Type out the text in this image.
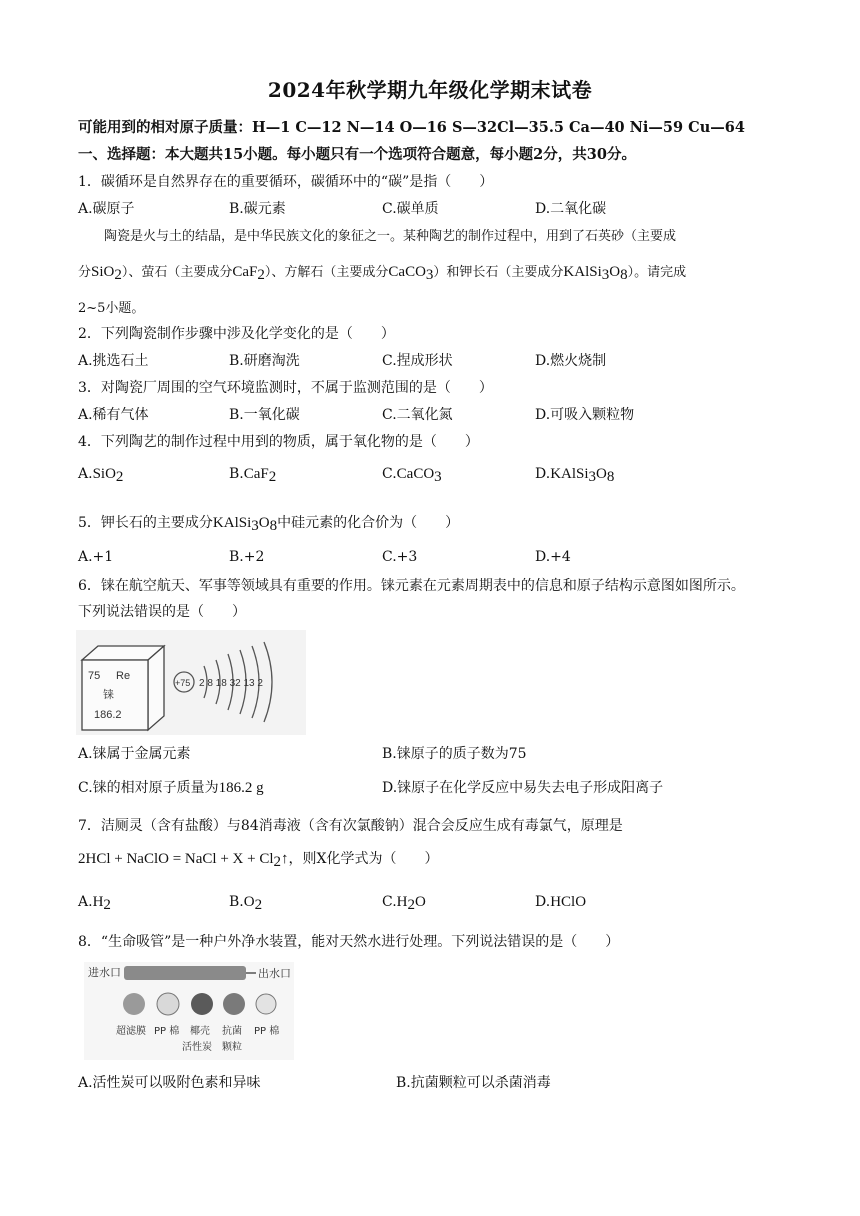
2024年秋学期九年级化学期末试卷
可能用到的相对原子质量：H—1 C—12 N—14 O—16 S—32Cl—35.5 Ca—40 Ni—59 Cu—64
一、选择题：本大题共15小题。每小题只有一个选项符合题意，每小题2分，共30分。
1．碳循环是自然界存在的重要循环，碳循环中的“碳”是指（　　）
A.碳原子	B.碳元素	C.碳单质	D.二氧化碳
陶瓷是火与土的结晶，是中华民族文化的象征之一。某种陶艺的制作过程中，用到了石英砂（主要成
分SiO$_2$）、萤石（主要成分CaF$_2$）、方解石（主要成分CaCO$_3$）和钾长石（主要成分$KAlSi_3O_8$）。请完成
2~5小题。
2．下列陶瓷制作步骤中涉及化学变化的是（　　）
A.挑选石土	B.研磨淘洗	C.捏成形状	D.燃火烧制
3．对陶瓷厂周围的空气环境监测时，不属于监测范围的是（　　）
A.稀有气体	B.一氧化碳	C.二氧化氮	D.可吸入颗粒物
4．下列陶艺的制作过程中用到的物质，属于氧化物的是（　　）
A.SiO$_2$	B.CaF$_2$	C.CaCO$_3$	$D.KAlSi_3O_8$
5．钾长石的主要成分$KAlSi_3O_8$中硅元素的化合价为（　　）
A.+1	B.+2	C.+3	D.+4
6．铼在航空航天、军事等领域具有重要的作用。铼元素在元素周期表中的信息和原子结构示意图如图所示。
下列说法错误的是（　　）
75 Re
铼
186.2
+75 2 8 18 32 13 2
A.铼属于金属元素	B.铼原子的质子数为75
C.铼的相对原子质量为186.2 g	D.铼原子在化学反应中易失去电子形成阳离子
7．洁厕灵（含有盐酸）与84消毒液（含有次氯酸钠）混合会反应生成有毒氯气，原理是
2HCl + NaClO = NaCl + $X + Cl_2↑$，则X化学式为（　　）
$A.H_2$	$B.O_2$	$C.H_2O$	D.HClO
8．“生命吸管”是一种户外净水装置，能对天然水进行处理。下列说法错误的是（　　）
进水口	出水口
超滤膜 PP 棉 椰壳
活性炭
抗菌
颗粒
PP 棉
A.活性炭可以吸附色素和异味	B.抗菌颗粒可以杀菌消毒
